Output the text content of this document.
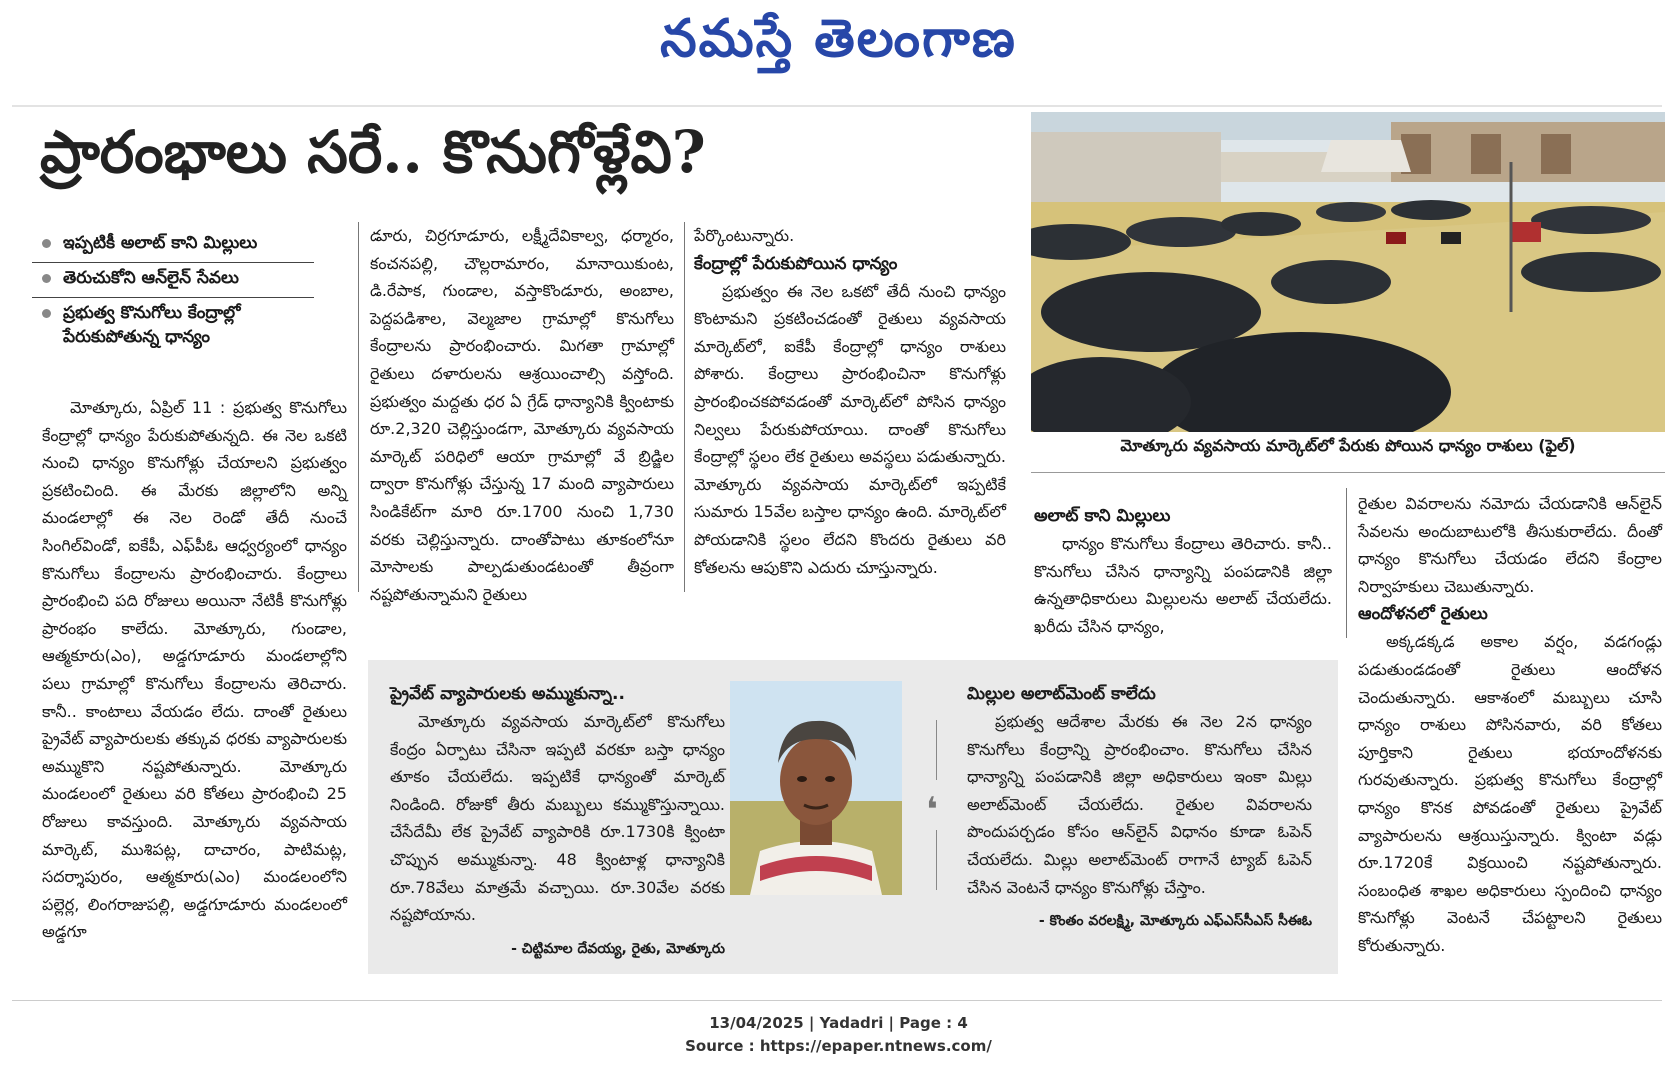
నమస్తే తెలంగాణ
ప్రారంభాలు సరే.. కొనుగోళ్లేవి?
ఇప్పటికీ అలాట్ కాని మిల్లులు
తెరుచుకోని ఆన్‌లైన్ సేవలు
ప్రభుత్వ కొనుగోలు కేంద్రాల్లో పేరుకుపోతున్న ధాన్యం

మోత్కూరు, ఏప్రిల్ 11 : ప్రభుత్వ కొనుగోలు కేంద్రాల్లో ధాన్యం పేరుకుపోతున్నది. ఈ నెల ఒకటి నుంచి ధాన్యం కొనుగోళ్లు చేయాలని ప్రభుత్వం ప్రకటించింది. ఈ మేరకు జిల్లాలోని అన్ని మండలాల్లో ఈ నెల రెండో తేదీ నుంచే సింగిల్‌విండో, ఐకేపీ, ఎఫ్‌పీఓ ఆధ్వర్యంలో ధాన్యం కొనుగోలు కేంద్రాలను ప్రారంభించారు. కేంద్రాలు ప్రారంభించి పది రోజులు అయినా నేటికీ కొనుగోళ్లు ప్రారంభం కాలేదు. మోత్కూరు, గుండాల, ఆత్మకూరు(ఎం), అడ్డగూడూరు మండలాల్లోని పలు గ్రామాల్లో కొనుగోలు కేంద్రాలను తెరిచారు. కానీ.. కాంటాలు వేయడం లేదు. దాంతో రైతులు ప్రైవేట్ వ్యాపారులకు తక్కువ ధరకు వ్యాపారులకు అమ్ముకొని నష్టపోతున్నారు. మోత్కూరు మండలంలో రైతులు వరి కోతలు ప్రారంభించి 25 రోజులు కావస్తుంది. మోత్కూరు వ్యవసాయ మార్కెట్, ముశిపట్ల, దాచారం, పాటిమట్ల, సదర్శాపురం, ఆత్మకూరు(ఎం) మండలంలోని పల్లెర్ల, లింగరాజుపల్లి, అడ్డగూడూరు మండలంలో అడ్డగూ

డూరు, చిర్రగూడూరు, లక్ష్మీదేవికాల్వ, ధర్మారం, కంచనపల్లి, చౌల్లరామారం, మానాయికుంట, డి.రేపాక, గుండాల, వస్తాకొండూరు, అంబాల, పెద్దపడిశాల, వెల్మజాల గ్రామాల్లో కొనుగోలు కేంద్రాలను ప్రారంభించారు. మిగతా గ్రామాల్లో రైతులు దళారులను ఆశ్రయించాల్సి వస్తోంది. ప్రభుత్వం మద్దతు ధర ఏ గ్రేడ్ ధాన్యానికి క్వింటాకు రూ.2,320 చెల్లిస్తుండగా, మోత్కూరు వ్యవసాయ మార్కెట్ పరిధిలో ఆయా గ్రామాల్లో వే బ్రిడ్జిల ద్వారా కొనుగోళ్లు చేస్తున్న 17 మంది వ్యాపారులు సిండికేట్‌గా మారి రూ.1700 నుంచి 1,730 వరకు చెల్లిస్తున్నారు. దాంతోపాటు తూకంలోనూ మోసాలకు పాల్పడుతుండటంతో తీవ్రంగా నష్టపోతున్నామని రైతులు

పేర్కొంటున్నారు.

కేంద్రాల్లో పేరుకుపోయిన ధాన్యం

ప్రభుత్వం ఈ నెల ఒకటో తేదీ నుంచి ధాన్యం కొంటామని ప్రకటించడంతో రైతులు వ్యవసాయ మార్కెట్‌లో, ఐకేపీ కేంద్రాల్లో ధాన్యం రాశులు పోశారు. కేంద్రాలు ప్రారంభించినా కొనుగోళ్లు ప్రారంభించకపోవడంతో మార్కెట్‌లో పోసిన ధాన్యం నిల్వలు పేరుకుపోయాయి. దాంతో కొనుగోలు కేంద్రాల్లో స్థలం లేక రైతులు అవస్థలు పడుతున్నారు. మోత్కూరు వ్యవసాయ మార్కెట్‌లో ఇప్పటికే సుమారు 15వేల బస్తాల ధాన్యం ఉంది. మార్కెట్‌లో పోయడానికి స్థలం లేదని కొందరు రైతులు వరి కోతలను ఆపుకొని ఎదురు చూస్తున్నారు.

మోత్కూరు వ్యవసాయ మార్కెట్‌లో పేరుకు పోయిన ధాన్యం రాశులు (ఫైల్)
అలాట్ కాని మిల్లులు

ధాన్యం కొనుగోలు కేంద్రాలు తెరిచారు. కానీ.. కొనుగోలు చేసిన ధాన్యాన్ని పంపడానికి జిల్లా ఉన్నతాధికారులు మిల్లులను అలాట్ చేయలేదు. ఖరీదు చేసిన ధాన్యం,

రైతుల వివరాలను నమోదు చేయడానికి ఆన్‌లైన్ సేవలను అందుబాటులోకి తీసుకురాలేదు. దీంతో ధాన్యం కొనుగోలు చేయడం లేదని కేంద్రాల నిర్వాహకులు చెబుతున్నారు.

ఆందోళనలో రైతులు

అక్కడక్కడ అకాల వర్షం, వడగండ్లు పడుతుండడంతో రైతులు ఆందోళన చెందుతున్నారు. ఆకాశంలో మబ్బులు చూసి ధాన్యం రాశులు పోసినవారు, వరి కోతలు పూర్తికాని రైతులు భయాందోళనకు గురవుతున్నారు. ప్రభుత్వ కొనుగోలు కేంద్రాల్లో ధాన్యం కొనక పోవడంతో రైతులు ప్రైవేట్ వ్యాపారులను ఆశ్రయిస్తున్నారు. క్వింటా వడ్లు రూ.1720కే విక్రయించి నష్టపోతున్నారు. సంబంధిత శాఖల అధికారులు స్పందించి ధాన్యం కొనుగోళ్లు వెంటనే చేపట్టాలని రైతులు కోరుతున్నారు.

ప్రైవేట్ వ్యాపారులకు అమ్ముకున్నా..

మోత్కూరు వ్యవసాయ మార్కెట్‌లో కొనుగోలు కేంద్రం ఏర్పాటు చేసినా ఇప్పటి వరకూ బస్తా ధాన్యం తూకం చేయలేదు. ఇప్పటికే ధాన్యంతో మార్కెట్ నిండింది. రోజుకో తీరు మబ్బులు కమ్ముకొస్తున్నాయి. చేసేదేమీ లేక ప్రైవేట్ వ్యాపారికి రూ.1730కి క్వింటా చొప్పున అమ్ముకున్నా. 48 క్వింటాళ్ల ధాన్యానికి రూ.78వేలు మాత్రమే వచ్చాయి. రూ.30వేల వరకు నష్టపోయాను.

- చిట్టిమాల దేవయ్య, రైతు, మోత్కూరు
❛
మిల్లుల అలాట్‌మెంట్ కాలేదు

ప్రభుత్వ ఆదేశాల మేరకు ఈ నెల 2న ధాన్యం కొనుగోలు కేంద్రాన్ని ప్రారంభించాం. కొనుగోలు చేసిన ధాన్యాన్ని పంపడానికి జిల్లా అధికారులు ఇంకా మిల్లు అలాట్‌మెంట్ చేయలేదు. రైతుల వివరాలను పొందుపర్చడం కోసం ఆన్‌లైన్ విధానం కూడా ఓపెన్ చేయలేదు. మిల్లు అలాట్‌మెంట్ రాగానే ట్యాబ్ ఓపెన్ చేసిన వెంటనే ధాన్యం కొనుగోళ్లు చేస్తాం.

- కొంతం వరలక్ష్మి, మోత్కూరు ఎఫ్ఎస్‌సీఎస్ సీఈఓ
13/04/2025 | Yadadri | Page : 4
Source : https://epaper.ntnews.com/
